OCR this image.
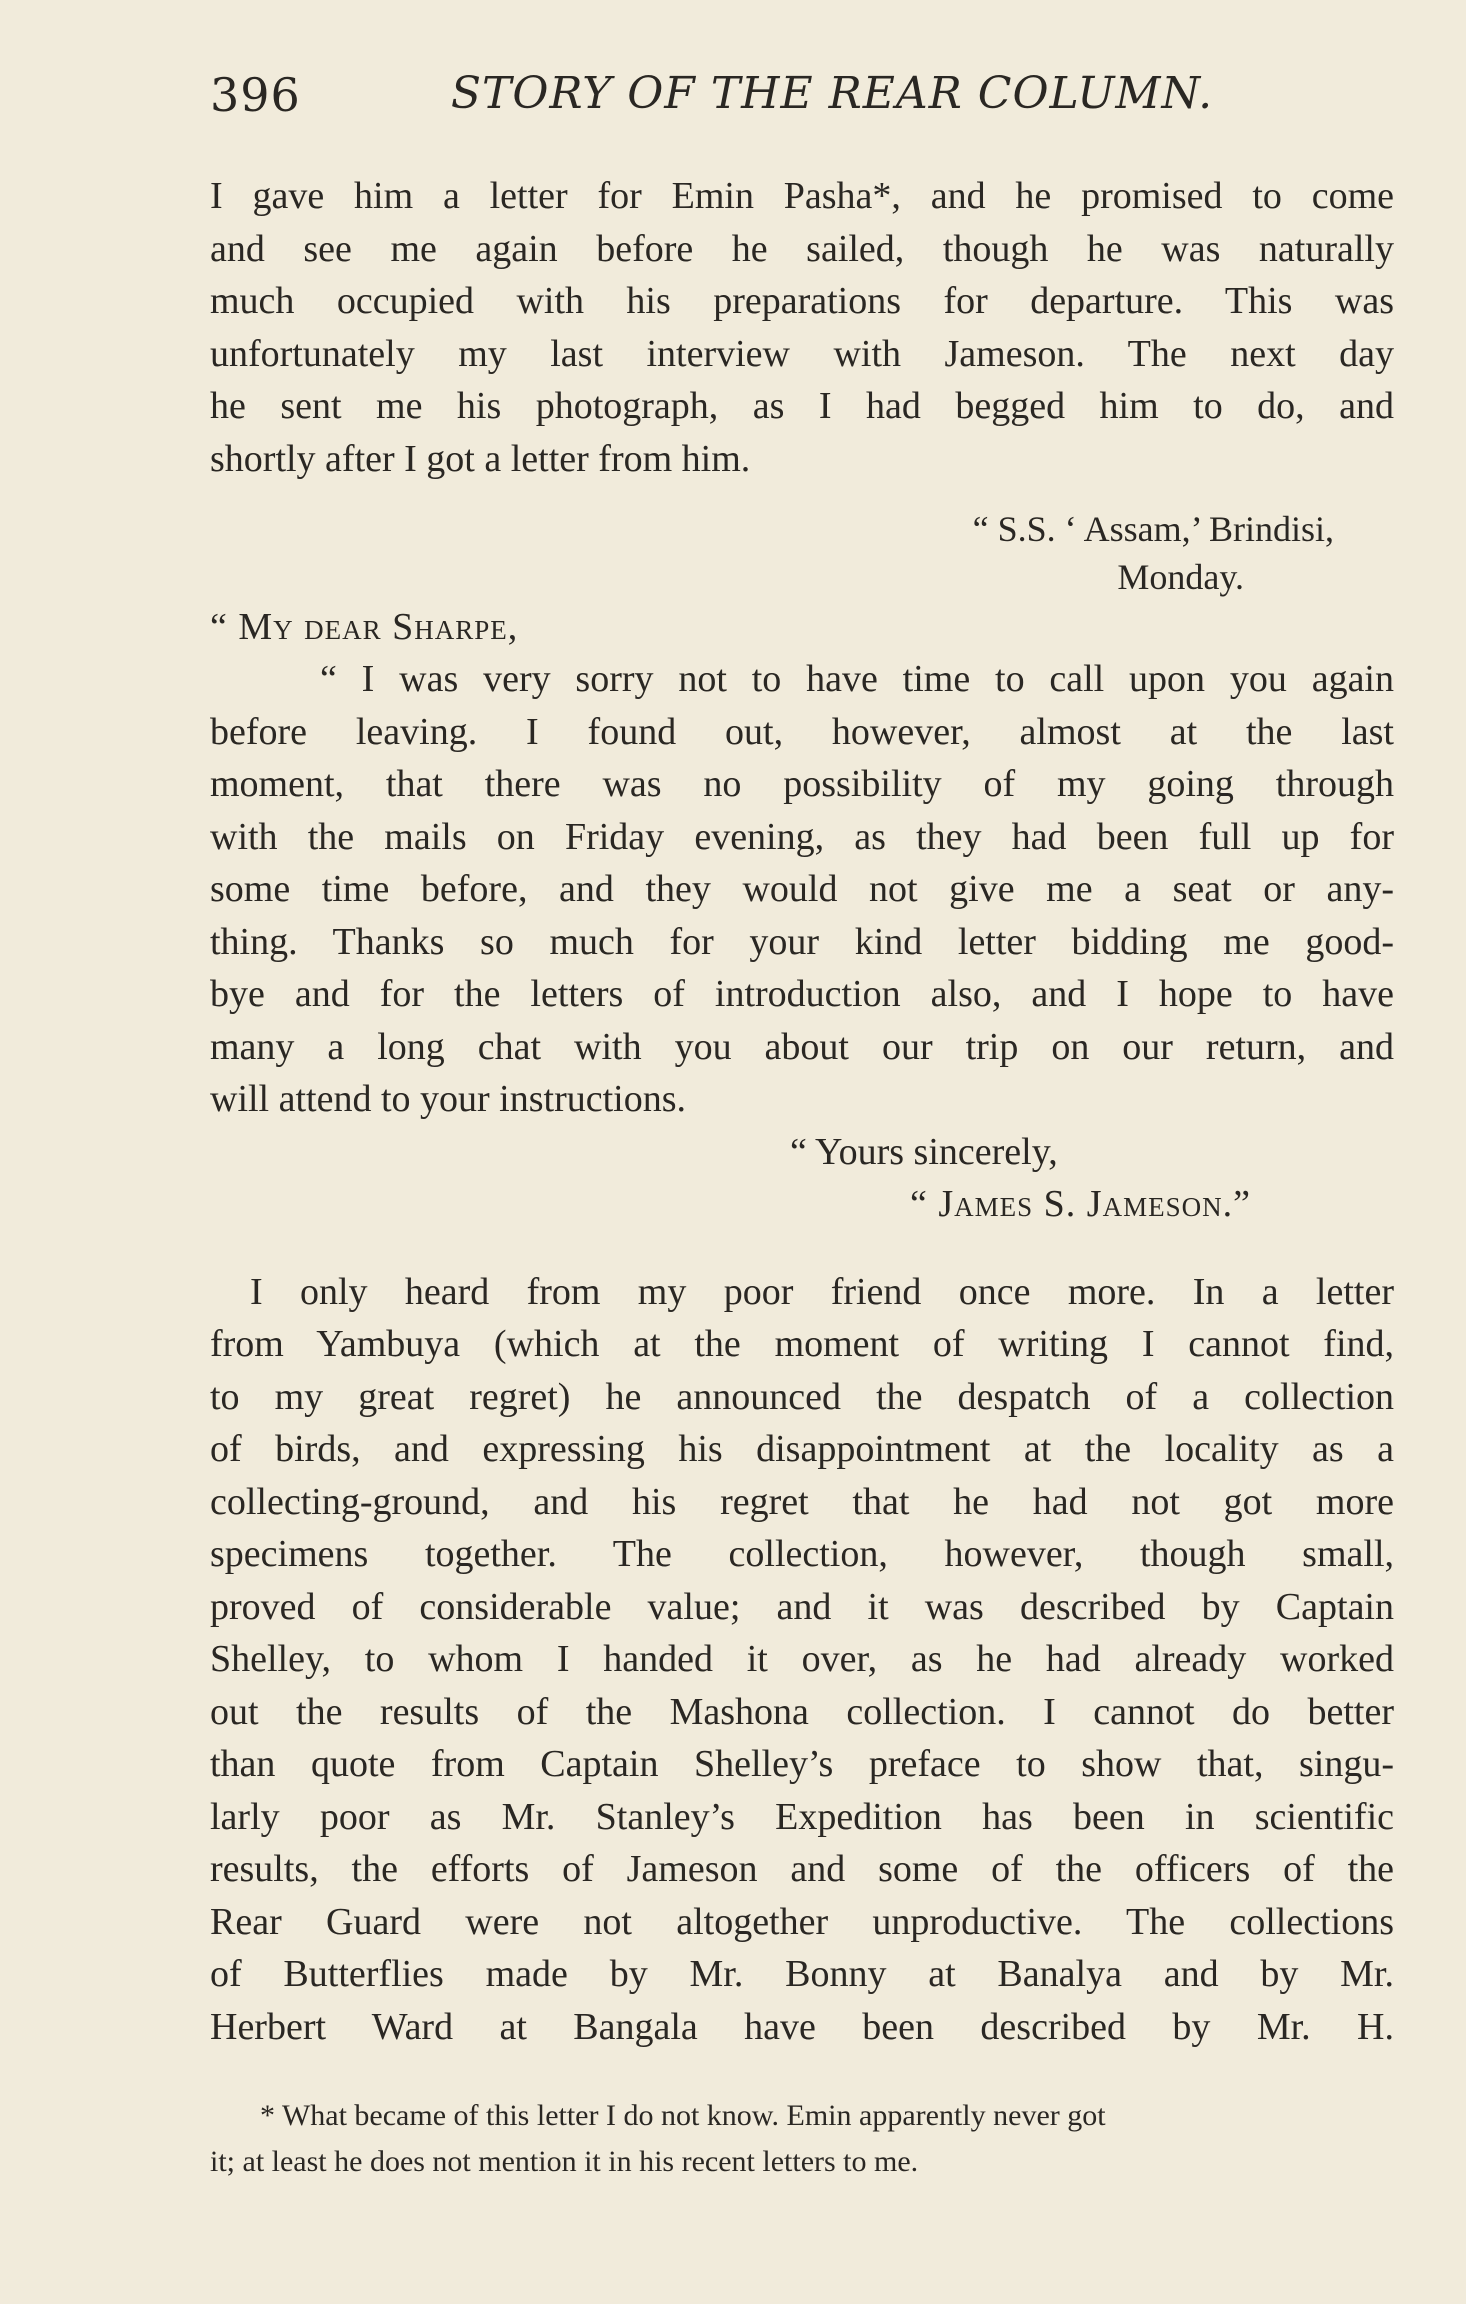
396	STORY OF THE REAR COLUMN.
I gave him a letter for Emin Pasha*, and he promised to come
and see me again before he sailed, though he was naturally
much occupied with his preparations for departure. This was
unfortunately my last interview with Jameson. The next day
he sent me his photograph, as I had begged him to do, and
shortly after I got a letter from him.
“ S.S. ‘ Assam,’ Brindisi,
Monday.
“ My dear Sharpe,
“ I was very sorry not to have time to call upon you again
before leaving. I found out, however, almost at the last
moment, that there was no possibility of my going through
with the mails on Friday evening, as they had been full up for
some time before, and they would not give me a seat or any-
thing. Thanks so much for your kind letter bidding me good-
bye and for the letters of introduction also, and I hope to have
many a long chat with you about our trip on our return, and
will attend to your instructions.
“ Yours sincerely,
“ James S. Jameson.”
I only heard from my poor friend once more. In a letter
from Yambuya (which at the moment of writing I cannot find,
to my great regret) he announced the despatch of a collection
of birds, and expressing his disappointment at the locality as a
collecting-ground, and his regret that he had not got more
specimens together. The collection, however, though small,
proved of considerable value; and it was described by Captain
Shelley, to whom I handed it over, as he had already worked
out the results of the Mashona collection. I cannot do better
than quote from Captain Shelley’s preface to show that, singu-
larly poor as Mr. Stanley’s Expedition has been in scientific
results, the efforts of Jameson and some of the officers of the
Rear Guard were not altogether unproductive. The collections
of Butterflies made by Mr. Bonny at Banalya and by Mr.
Herbert Ward at Bangala have been described by Mr. H.
* What became of this letter I do not know. Emin apparently never got
it; at least he does not mention it in his recent letters to me.
